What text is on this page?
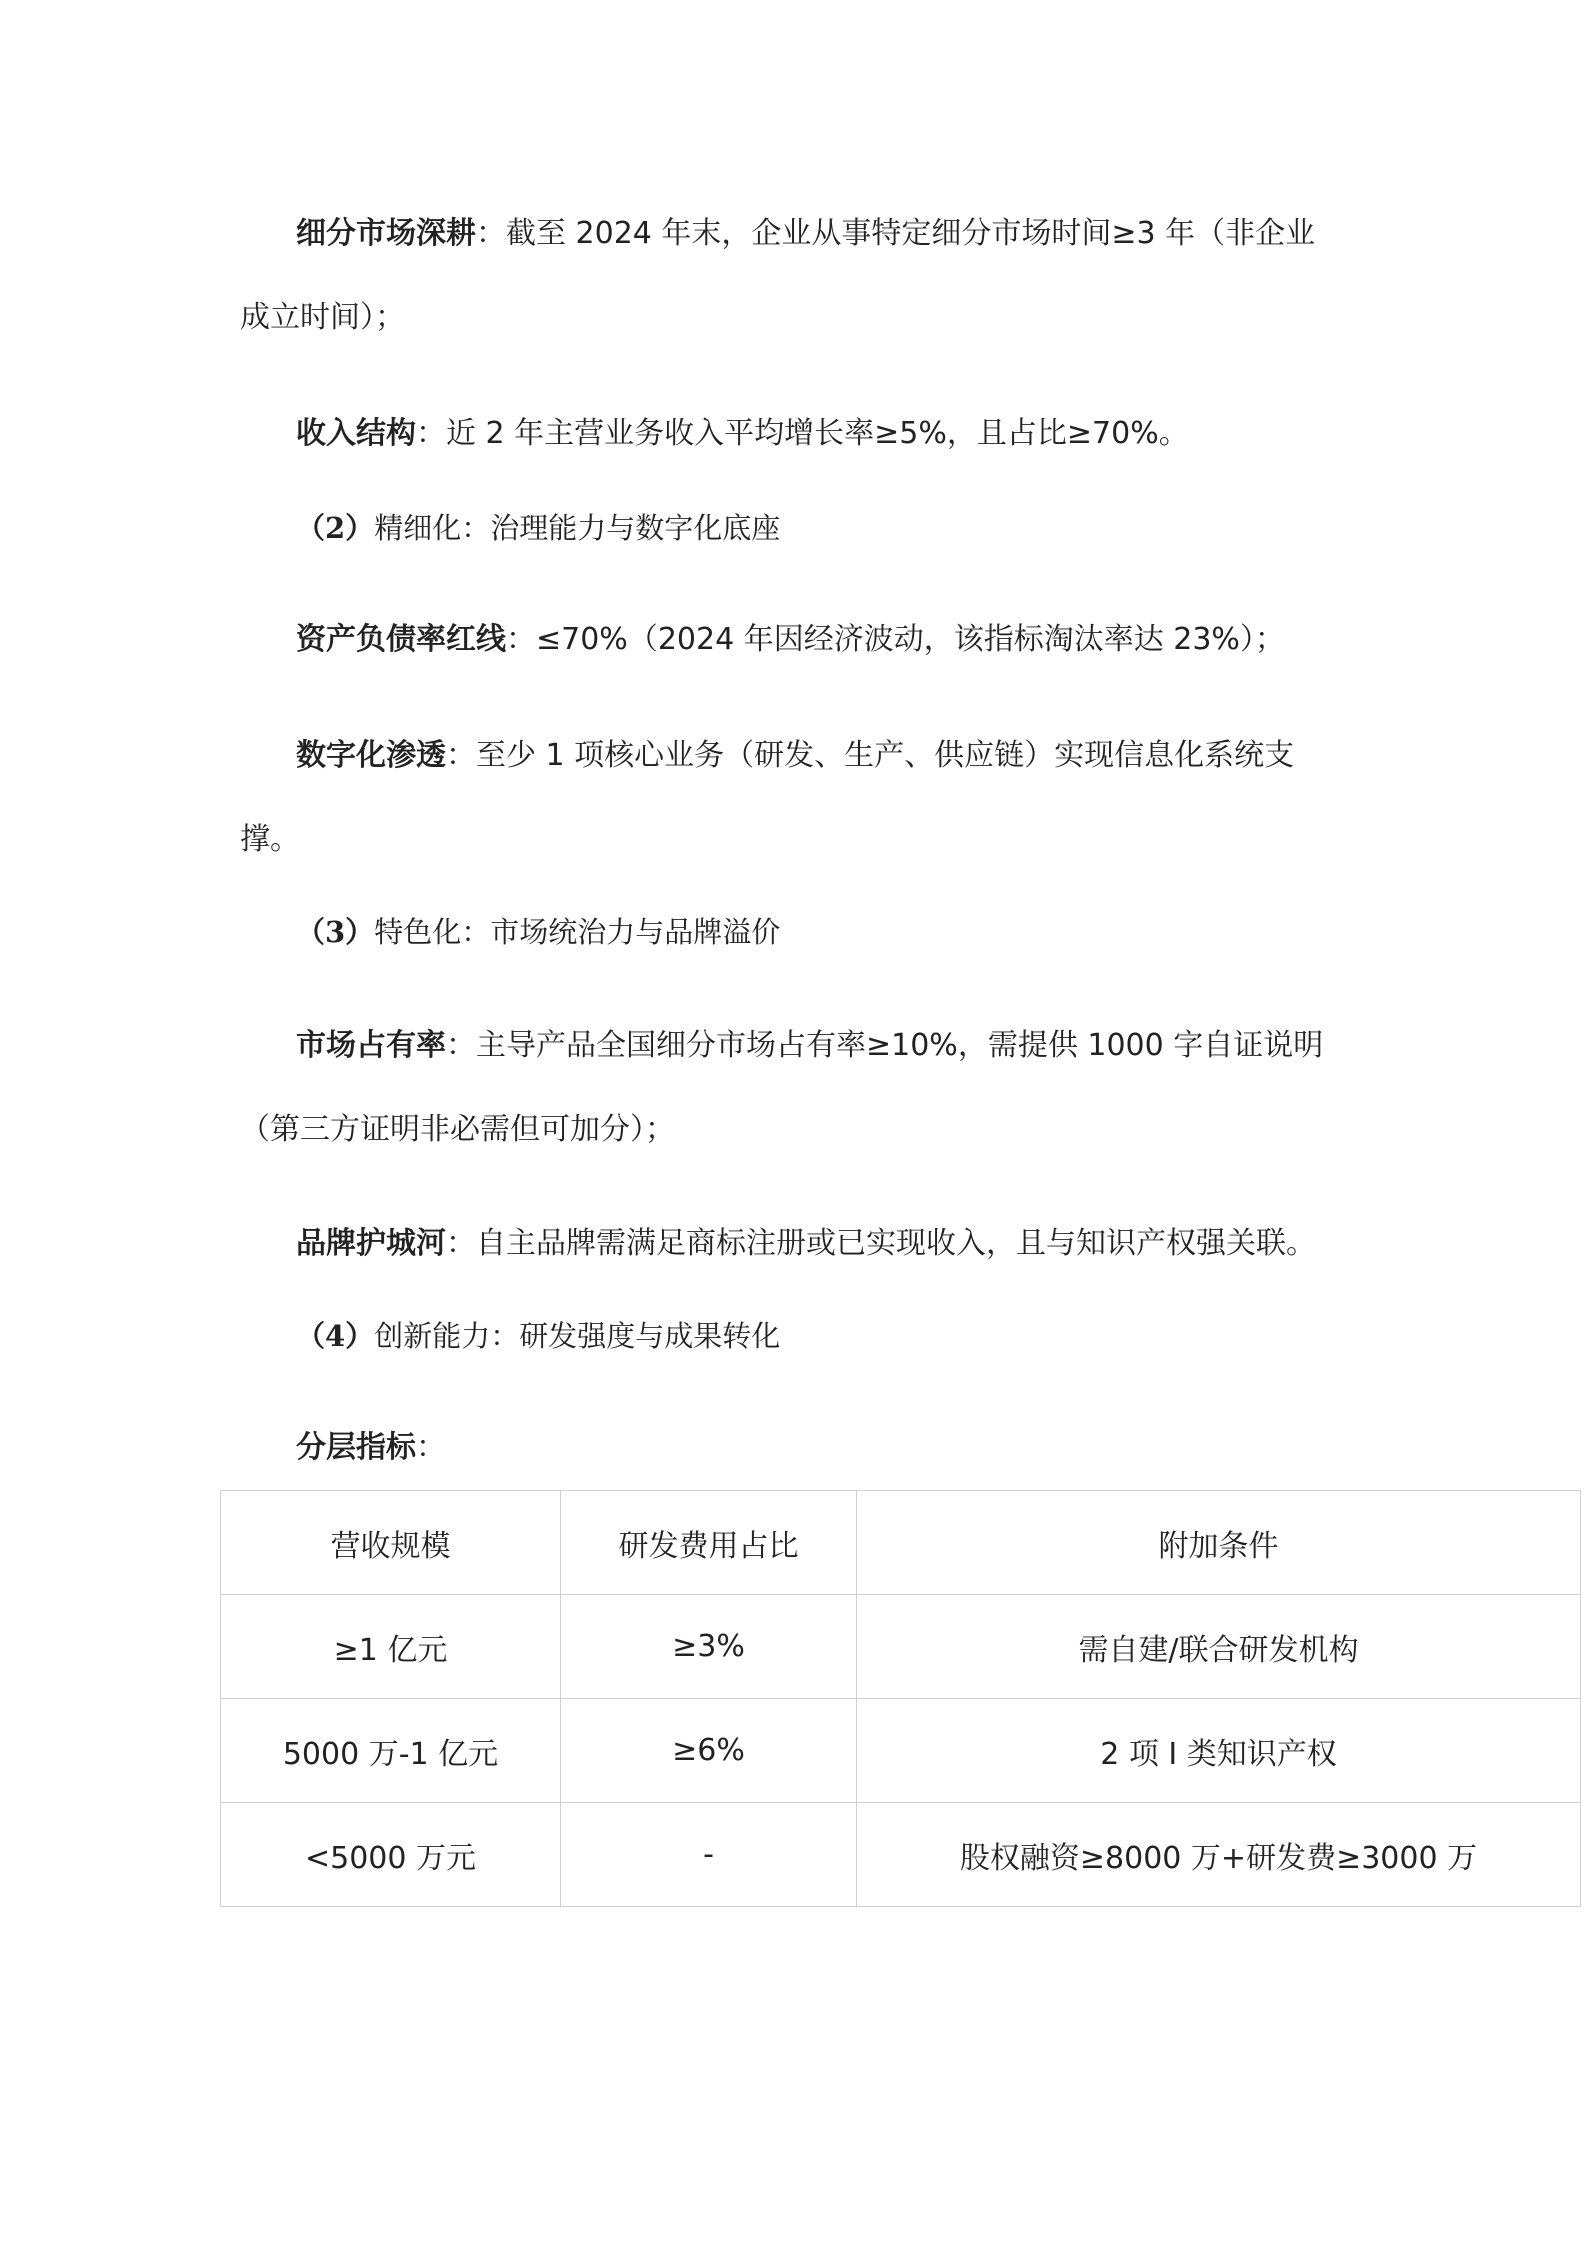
细分市场深耕：截至 2024 年末，企业从事特定细分市场时间≥3 年（非企业成立时间）；

收入结构：近 2 年主营业务收入平均增长率≥5%，且占比≥70%。

（2）精细化：治理能力与数字化底座

资产负债率红线：≤70%（2024 年因经济波动，该指标淘汰率达 23%）；

数字化渗透：至少 1 项核心业务（研发、生产、供应链）实现信息化系统支撑。

（3）特色化：市场统治力与品牌溢价

市场占有率：主导产品全国细分市场占有率≥10%，需提供 1000 字自证说明（第三方证明非必需但可加分）；

品牌护城河：自主品牌需满足商标注册或已实现收入，且与知识产权强关联。

（4）创新能力：研发强度与成果转化

分层指标：

营收规模	研发费用占比	附加条件
≥1 亿元	≥3%	需自建/联合研发机构
5000 万-1 亿元	≥6%	2 项 I 类知识产权
<5000 万元	-	股权融资≥8000 万+研发费≥3000 万
